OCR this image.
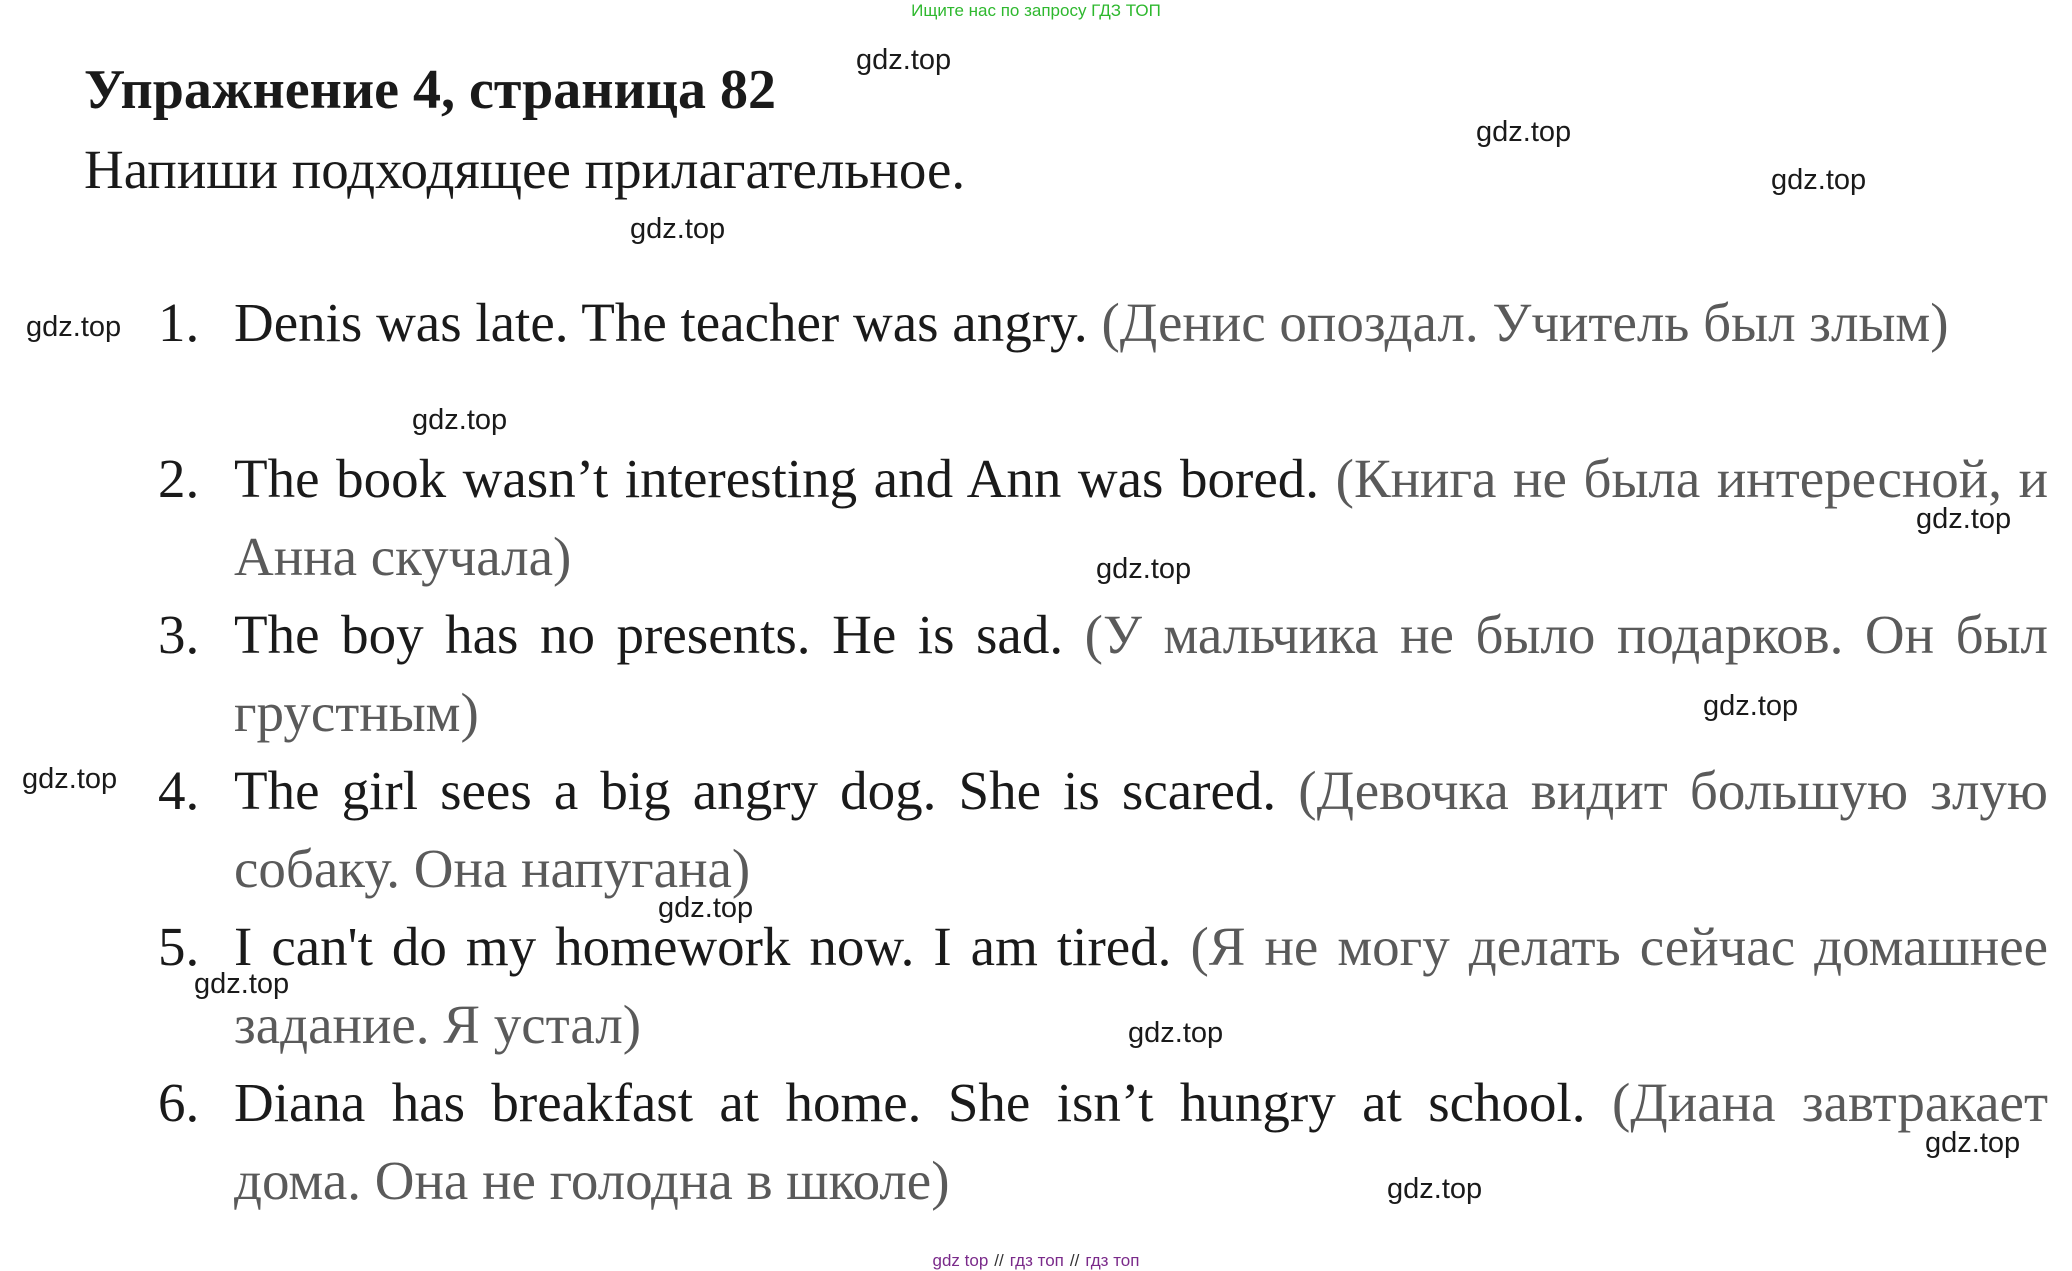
Ищите нас по запросу ГДЗ ТОП
Упражнение 4, страница 82
Напиши подходящее прилагательное.
1. Denis was late. The teacher was angry. (Денис опоздал. Учитель был злым)
2. The book wasn’t interesting and Ann was bored. (Книга не была интересной, и Анна скучала)
3. The boy has no presents. He is sad. (У мальчика не было подарков. Он был грустным)
4. The girl sees a big angry dog. She is scared. (Девочка видит большую злую собаку. Она напугана)
5. I can't do my homework now. I am tired. (Я не могу делать сейчас домашнее задание. Я устал)
6. Diana has breakfast at home. She isn’t hungry at school. (Диана завтракает дома. Она не голодна в школе)
gdz.top
gdz.top
gdz.top
gdz.top
gdz.top
gdz.top
gdz.top
gdz.top
gdz.top
gdz.top
gdz.top
gdz.top
gdz.top
gdz.top
gdz.top
gdz top // гдз топ // гдз топ
